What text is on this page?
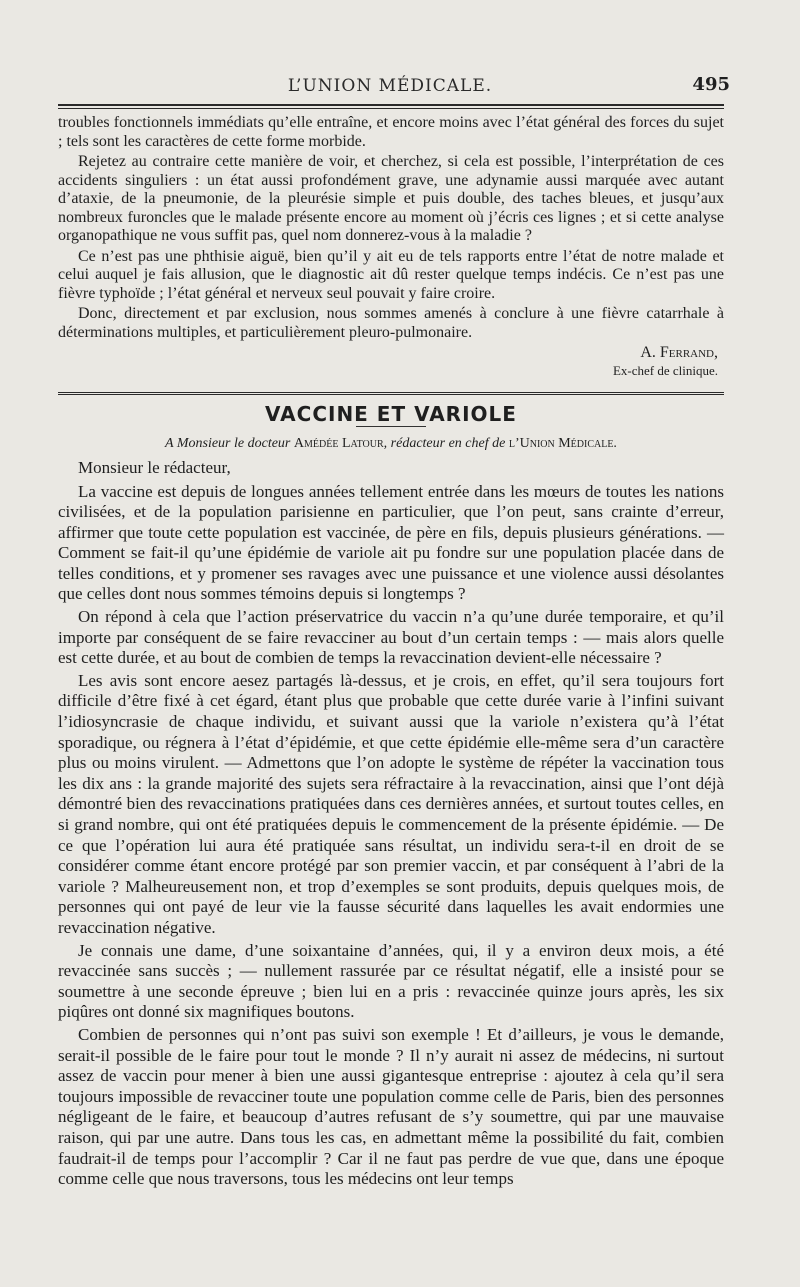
L’UNION MÉDICALE.	495

troubles fonctionnels immédiats qu’elle entraîne, et encore moins avec l’état général des forces du sujet ; tels sont les caractères de cette forme morbide.

Rejetez au contraire cette manière de voir, et cherchez, si cela est possible, l’interprétation de ces accidents singuliers : un état aussi profondément grave, une adynamie aussi marquée avec autant d’ataxie, de la pneumonie, de la pleurésie simple et puis double, des taches bleues, et jusqu’aux nombreux furoncles que le malade présente encore au moment où j’écris ces lignes ; et si cette analyse organopathique ne vous suffit pas, quel nom donnerez-vous à la maladie ?

Ce n’est pas une phthisie aiguë, bien qu’il y ait eu de tels rapports entre l’état de notre malade et celui auquel je fais allusion, que le diagnostic ait dû rester quelque temps indécis. Ce n’est pas une fièvre typhoïde ; l’état général et nerveux seul pouvait y faire croire.

Donc, directement et par exclusion, nous sommes amenés à conclure à une fièvre catarrhale à déterminations multiples, et particulièrement pleuro-pulmonaire.

A. Ferrand,
Ex-chef de clinique.
VACCINE ET VARIOLE
A Monsieur le docteur Amédée Latour, rédacteur en chef de l’Union Médicale.
Monsieur le rédacteur,

La vaccine est depuis de longues années tellement entrée dans les mœurs de toutes les nations civilisées, et de la population parisienne en particulier, que l’on peut, sans crainte d’erreur, affirmer que toute cette population est vaccinée, de père en fils, depuis plusieurs générations. — Comment se fait-il qu’une épidémie de variole ait pu fondre sur une population placée dans de telles conditions, et y promener ses ravages avec une puissance et une violence aussi désolantes que celles dont nous sommes témoins depuis si longtemps ?

On répond à cela que l’action préservatrice du vaccin n’a qu’une durée temporaire, et qu’il importe par conséquent de se faire revacciner au bout d’un certain temps : — mais alors quelle est cette durée, et au bout de combien de temps la revaccination devient-elle nécessaire ?

Les avis sont encore aesez partagés là-dessus, et je crois, en effet, qu’il sera toujours fort difficile d’être fixé à cet égard, étant plus que probable que cette durée varie à l’infini suivant l’idiosyncrasie de chaque individu, et suivant aussi que la variole n’existera qu’à l’état sporadique, ou régnera à l’état d’épidémie, et que cette épidémie elle-même sera d’un caractère plus ou moins virulent. — Admettons que l’on adopte le système de répéter la vaccination tous les dix ans : la grande majorité des sujets sera réfractaire à la revaccination, ainsi que l’ont déjà démontré bien des revaccinations pratiquées dans ces dernières années, et surtout toutes celles, en si grand nombre, qui ont été pratiquées depuis le commencement de la présente épidémie. — De ce que l’opération lui aura été pratiquée sans résultat, un individu sera-t-il en droit de se considérer comme étant encore protégé par son premier vaccin, et par conséquent à l’abri de la variole ? Malheureusement non, et trop d’exemples se sont produits, depuis quelques mois, de personnes qui ont payé de leur vie la fausse sécurité dans laquelles les avait endormies une revaccination négative.

Je connais une dame, d’une soixantaine d’années, qui, il y a environ deux mois, a été revaccinée sans succès ; — nullement rassurée par ce résultat négatif, elle a insisté pour se soumettre à une seconde épreuve ; bien lui en a pris : revaccinée quinze jours après, les six piqûres ont donné six magnifiques boutons.

Combien de personnes qui n’ont pas suivi son exemple ! Et d’ailleurs, je vous le demande, serait-il possible de le faire pour tout le monde ? Il n’y aurait ni assez de médecins, ni surtout assez de vaccin pour mener à bien une aussi gigantesque entreprise : ajoutez à cela qu’il sera toujours impossible de revacciner toute une population comme celle de Paris, bien des personnes négligeant de le faire, et beaucoup d’autres refusant de s’y soumettre, qui par une mauvaise raison, qui par une autre. Dans tous les cas, en admettant même la possibilité du fait, combien faudrait-il de temps pour l’accomplir ? Car il ne faut pas perdre de vue que, dans une époque comme celle que nous traversons, tous les médecins ont leur temps
